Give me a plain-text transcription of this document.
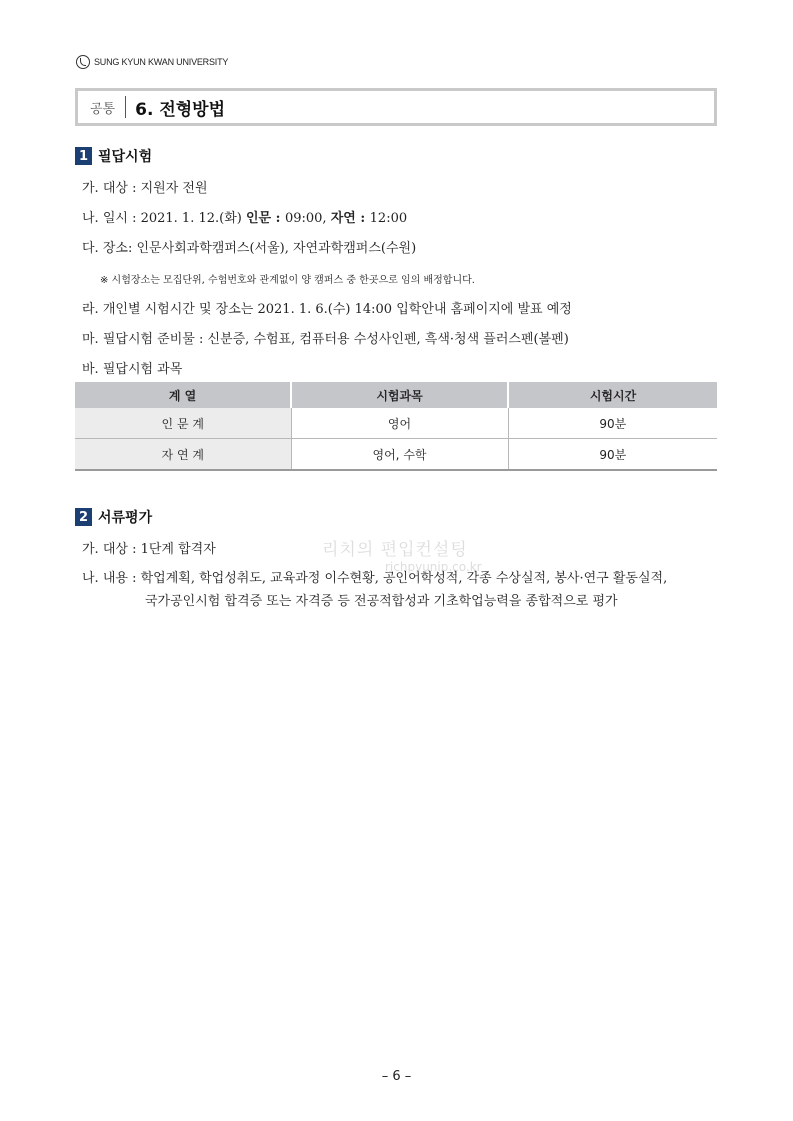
SUNG KYUN KWAN UNIVERSITY
공통 6. 전형방법
1 필답시험
가. 대상 : 지원자 전원
나. 일시 : 2021. 1. 12.(화) 인문 : 09:00, 자연 : 12:00
다. 장소: 인문사회과학캠퍼스(서울), 자연과학캠퍼스(수원)
※ 시험장소는 모집단위, 수험번호와 관계없이 양 캠퍼스 중 한곳으로 임의 배정합니다.
라. 개인별 시험시간 및 장소는 2021. 1. 6.(수) 14:00 입학안내 홈페이지에 발표 예정
마. 필답시험 준비물 : 신분증, 수험표, 컴퓨터용 수성사인펜, 흑색·청색 플러스펜(볼펜)
바. 필답시험 과목
계 열	시험과목	시험시간
인 문 계	영어	90분
자 연 계	영어, 수학	90분
2 서류평가
가. 대상 : 1단계 합격자
나. 내용 : 학업계획, 학업성취도, 교육과정 이수현황, 공인어학성적, 각종 수상실적, 봉사·연구 활동실적,
국가공인시험 합격증 또는 자격증 등 전공적합성과 기초학업능력을 종합적으로 평가
리치의 편입컨설팅
richpyunip.co.kr
– 6 –
